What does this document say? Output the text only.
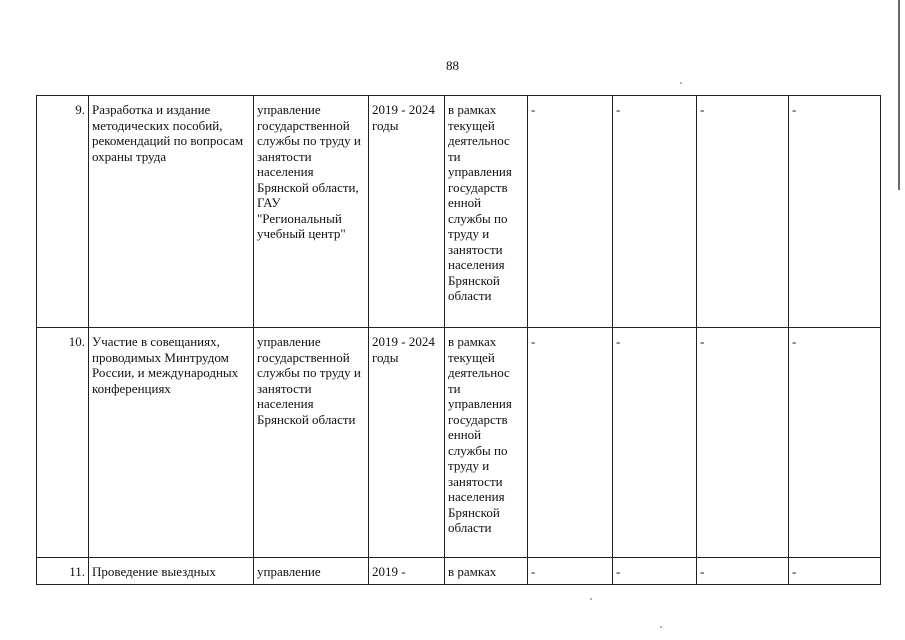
88
9.	Разработка и издание методических пособий, рекомендаций по вопросам охраны труда	управление государственной службы по труду и занятости населения Брянской области, ГАУ "Региональный учебный центр"	2019 - 2024 годы	в рамках текущей деятельнос ти управления государств енной службы по труду и занятости населения Брянской области	-	-	-	-
10.	Участие в совещаниях, проводимых Минтрудом России, и международных конференциях	управление государственной службы по труду и занятости населения Брянской области	2019 - 2024 годы	в рамках текущей деятельнос ти управления государств енной службы по труду и занятости населения Брянской области	-	-	-	-
11.	Проведение выездных	управление	2019 -	в рамках	-	-	-	-
